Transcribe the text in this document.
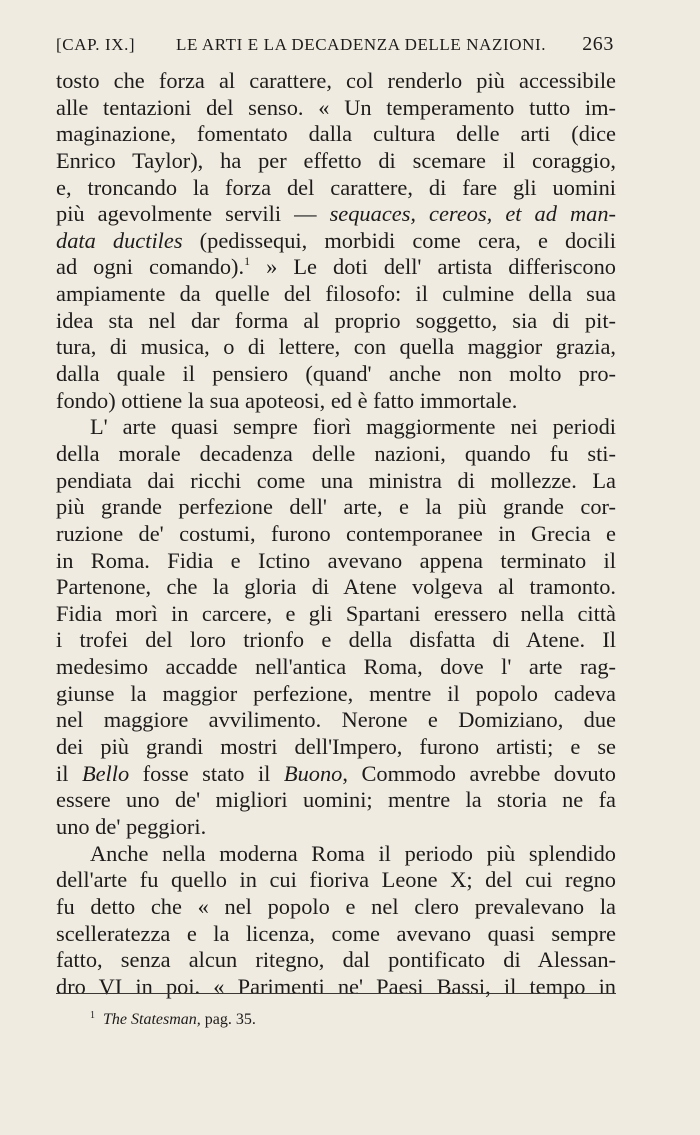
[CAP. IX.] LE ARTI E LA DECADENZA DELLE NAZIONI. 263
tosto che forza al carattere, col renderlo più accessibile
alle tentazioni del senso. « Un temperamento tutto im-
maginazione, fomentato dalla cultura delle arti (dice
Enrico Taylor), ha per effetto di scemare il coraggio,
e, troncando la forza del carattere, di fare gli uomini
più agevolmente servili — sequaces, cereos, et ad man-
data ductiles (pedissequi, morbidi come cera, e docili
ad ogni comando).$^1$ » Le doti dell' artista differiscono
ampiamente da quelle del filosofo: il culmine della sua
idea sta nel dar forma al proprio soggetto, sia di pit-
tura, di musica, o di lettere, con quella maggior grazia,
dalla quale il pensiero (quand' anche non molto pro-
fondo) ottiene la sua apoteosi, ed è fatto immortale.
L' arte quasi sempre fiorì maggiormente nei periodi
della morale decadenza delle nazioni, quando fu sti-
pendiata dai ricchi come una ministra di mollezze. La
più grande perfezione dell' arte, e la più grande cor-
ruzione de' costumi, furono contemporanee in Grecia e
in Roma. Fidia e Ictino avevano appena terminato il
Partenone, che la gloria di Atene volgeva al tramonto.
Fidia morì in carcere, e gli Spartani eressero nella città
i trofei del loro trionfo e della disfatta di Atene. Il
medesimo accadde nell'antica Roma, dove l' arte rag-
giunse la maggior perfezione, mentre il popolo cadeva
nel maggiore avvilimento. Nerone e Domiziano, due
dei più grandi mostri dell'Impero, furono artisti; e se
il Bello fosse stato il Buono, Commodo avrebbe dovuto
essere uno de' migliori uomini; mentre la storia ne fa
uno de' peggiori.
Anche nella moderna Roma il periodo più splendido
dell'arte fu quello in cui fioriva Leone X; del cui regno
fu detto che « nel popolo e nel clero prevalevano la
scelleratezza e la licenza, come avevano quasi sempre
fatto, senza alcun ritegno, dal pontificato di Alessan-
dro VI in poi. « Parimenti ne' Paesi Bassi, il tempo in
$^1$ The Statesman, pag. 35.
